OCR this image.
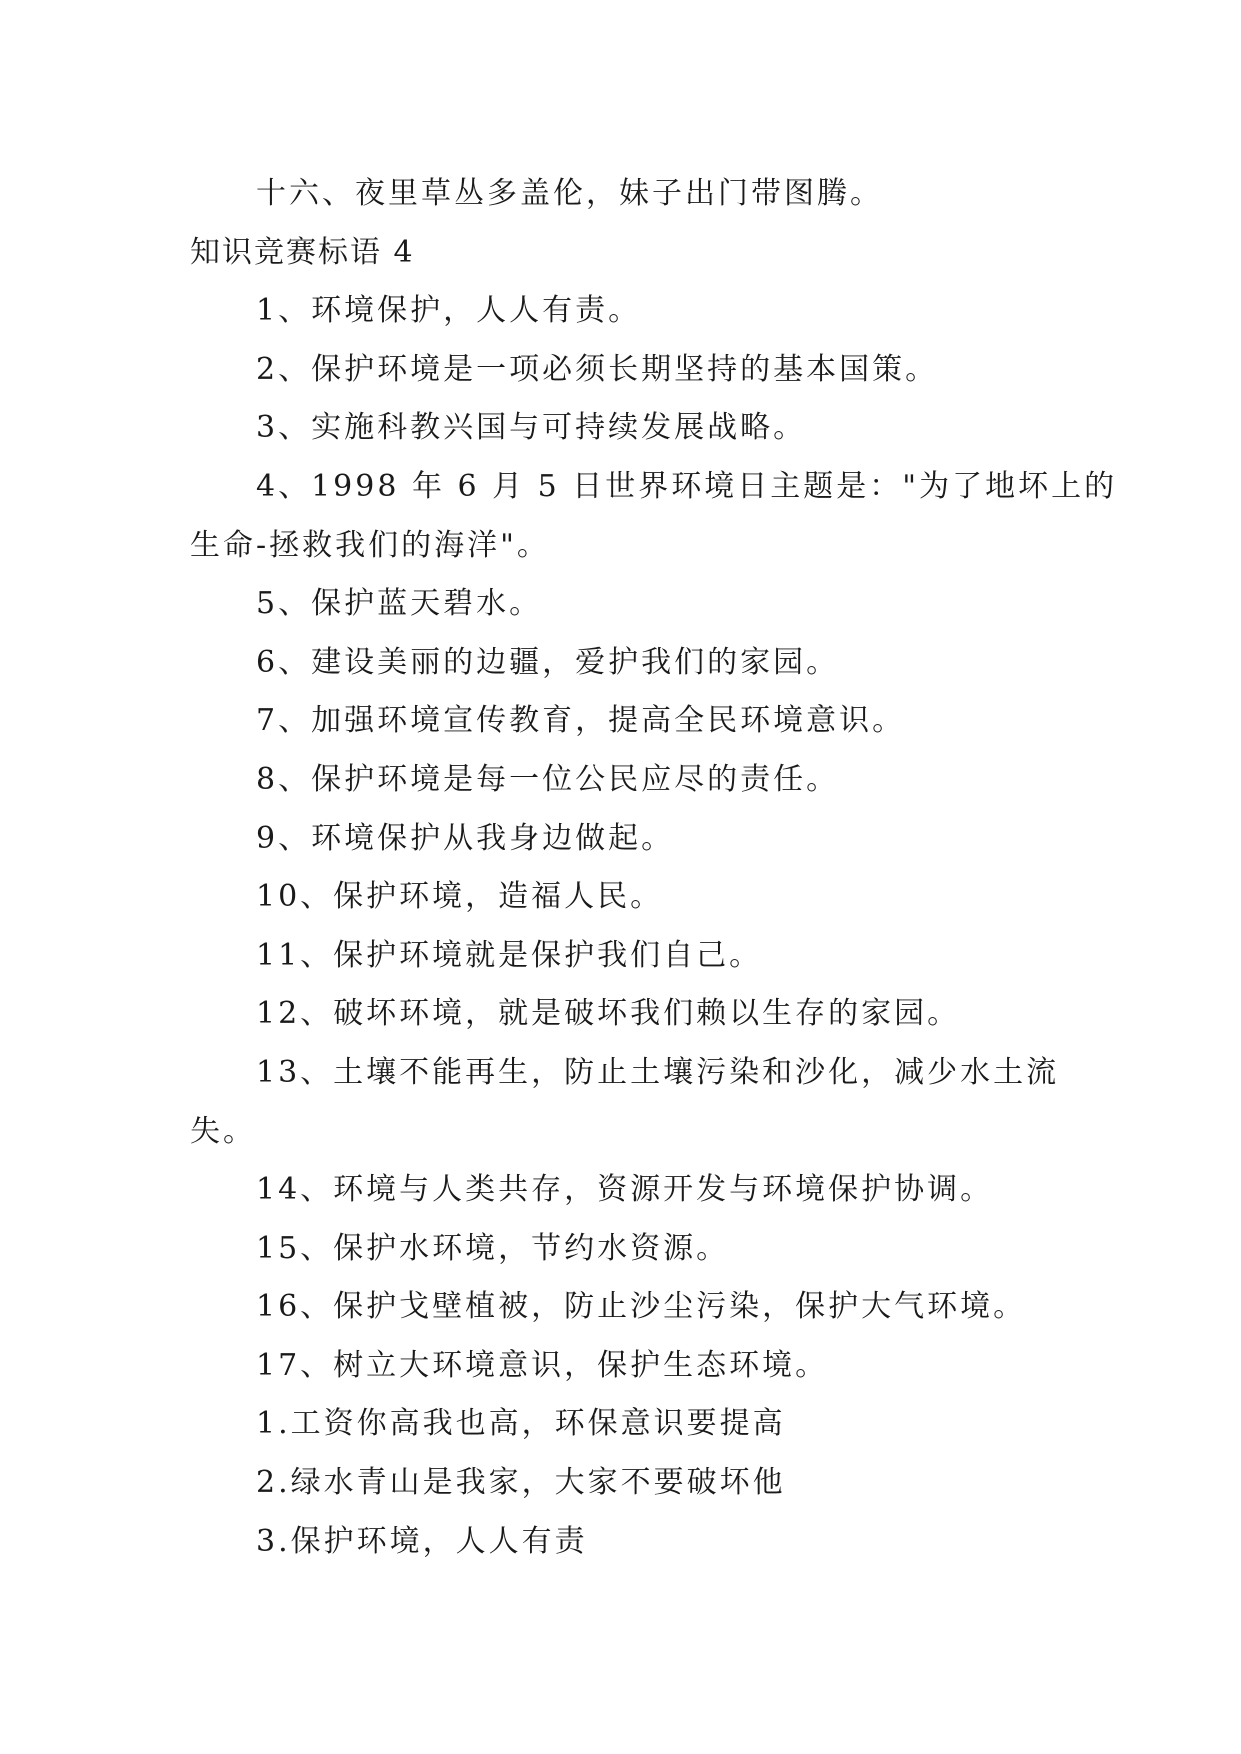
十六、夜里草丛多盖伦，妹子出门带图腾。

知识竞赛标语 4

1、环境保护，人人有责。

2、保护环境是一项必须长期坚持的基本国策。

3、实施科教兴国与可持续发展战略。

4、1998 年 6 月 5 日世界环境日主题是："为了地坏上的

生命-拯救我们的海洋"。

5、保护蓝天碧水。

6、建设美丽的边疆，爱护我们的家园。

7、加强环境宣传教育，提高全民环境意识。

8、保护环境是每一位公民应尽的责任。

9、环境保护从我身边做起。

10、保护环境，造福人民。

11、保护环境就是保护我们自己。

12、破坏环境，就是破坏我们赖以生存的家园。

13、土壤不能再生，防止土壤污染和沙化，减少水土流

失。

14、环境与人类共存，资源开发与环境保护协调。

15、保护水环境，节约水资源。

16、保护戈壁植被，防止沙尘污染，保护大气环境。

17、树立大环境意识，保护生态环境。

1.工资你高我也高，环保意识要提高

2.绿水青山是我家，大家不要破坏他

3.保护环境，人人有责
